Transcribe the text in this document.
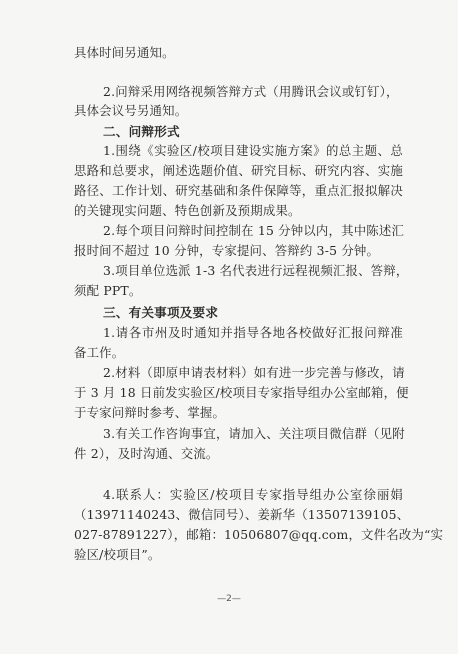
具体时间另通知。
2.问辩采用网络视频答辩方式（用腾讯会议或钉钉），
具体会议号另通知。
二、问辩形式
1.围绕《实验区/校项目建设实施方案》的总主题、总
思路和总要求，阐述选题价值、研究目标、研究内容、实施
路径、工作计划、研究基础和条件保障等，重点汇报拟解决
的关键现实问题、特色创新及预期成果。
2.每个项目问辩时间控制在 15 分钟以内，其中陈述汇
报时间不超过 10 分钟，专家提问、答辩约 3-5 分钟。
3.项目单位选派 1-3 名代表进行远程视频汇报、答辩，
须配 PPT。
三、有关事项及要求
1.请各市州及时通知并指导各地各校做好汇报问辩准
备工作。
2.材料（即原申请表材料）如有进一步完善与修改，请
于 3 月 18 日前发实验区/校项目专家指导组办公室邮箱，便
于专家问辩时参考、掌握。
3.有关工作咨询事宜，请加入、关注项目微信群（见附
件 2），及时沟通、交流。
4.联系人：实验区/校项目专家指导组办公室徐丽娟
（13971140243、微信同号）、姜新华（13507139105、
027-87891227），邮箱：10506807@qq.com，文件名改为“实
验区/校项目”。
—2—
